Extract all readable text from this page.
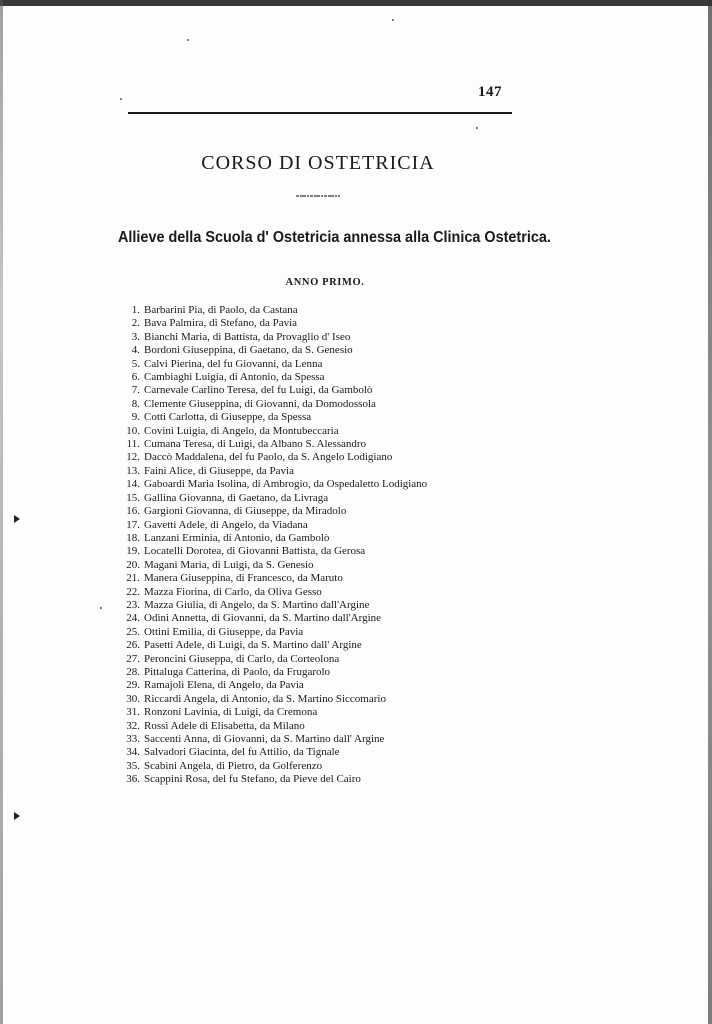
147
CORSO DI OSTETRICIA
Allieve della Scuola d' Ostetricia annessa alla Clinica Ostetrica.
ANNO PRIMO.
1. Barbarini Pia, di Paolo, da Castana
2. Bava Palmira, di Stefano, da Pavia
3. Bianchi Maria, di Battista, da Provaglio d' Iseo
4. Bordoni Giuseppina, di Gaetano, da S. Genesio
5. Calvi Pierina, del fu Giovanni, da Lenna
6. Cambiaghi Luigia, di Antonio, da Spessa
7. Carnevale Carlino Teresa, del fu Luigi, da Gambolò
8. Clemente Giuseppina, di Giovanni, da Domodossola
9. Cotti Carlotta, di Giuseppe, da Spessa
10. Covini Luigia, di Angelo, da Montubeccaria
11. Cumana Teresa, di Luigi, da Albano S. Alessandro
12. Daccò Maddalena, del fu Paolo, da S. Angelo Lodigiano
13. Faini Alice, di Giuseppe, da Pavia
14. Gaboardi Maria Isolina, di Ambrogio, da Ospedaletto Lodigiano
15. Gallina Giovanna, di Gaetano, da Livraga
16. Gargioni Giovanna, di Giuseppe, da Miradolo
17. Gavetti Adele, di Angelo, da Viadana
18. Lanzani Erminia, di Antonio, da Gambolò
19. Locatelli Dorotea, di Giovanni Battista, da Gerosa
20. Magani Maria, di Luigi, da S. Genesio
21. Manera Giuseppina, di Francesco, da Maruto
22. Mazza Fiorina, di Carlo, da Oliva Gesso
23. Mazza Giulia, di Angelo, da S. Martino dall'Argine
24. Odini Annetta, di Giovanni, da S. Martino dall'Argine
25. Ottini Emilia, di Giuseppe, da Pavia
26. Pasetti Adele, di Luigi, da S. Martino dall' Argine
27. Peroncini Giuseppa, di Carlo, da Corteolona
28. Pittaluga Catterina, di Paolo, da Frugarolo
29. Ramajoli Elena, di Angelo, da Pavia
30. Riccardi Angela, di Antonio, da S. Martino Siccomario
31. Ronzoni Lavinia, di Luigi, da Cremona
32. Rossi Adele di Elisabetta, da Milano
33. Saccenti Anna, di Giovanni, da S. Martino dall' Argine
34. Salvadori Giacinta, del fu Attilio, da Tignale
35. Scabini Angela, di Pietro, da Golferenzo
36. Scappini Rosa, del fu Stefano, da Pieve del Cairo
